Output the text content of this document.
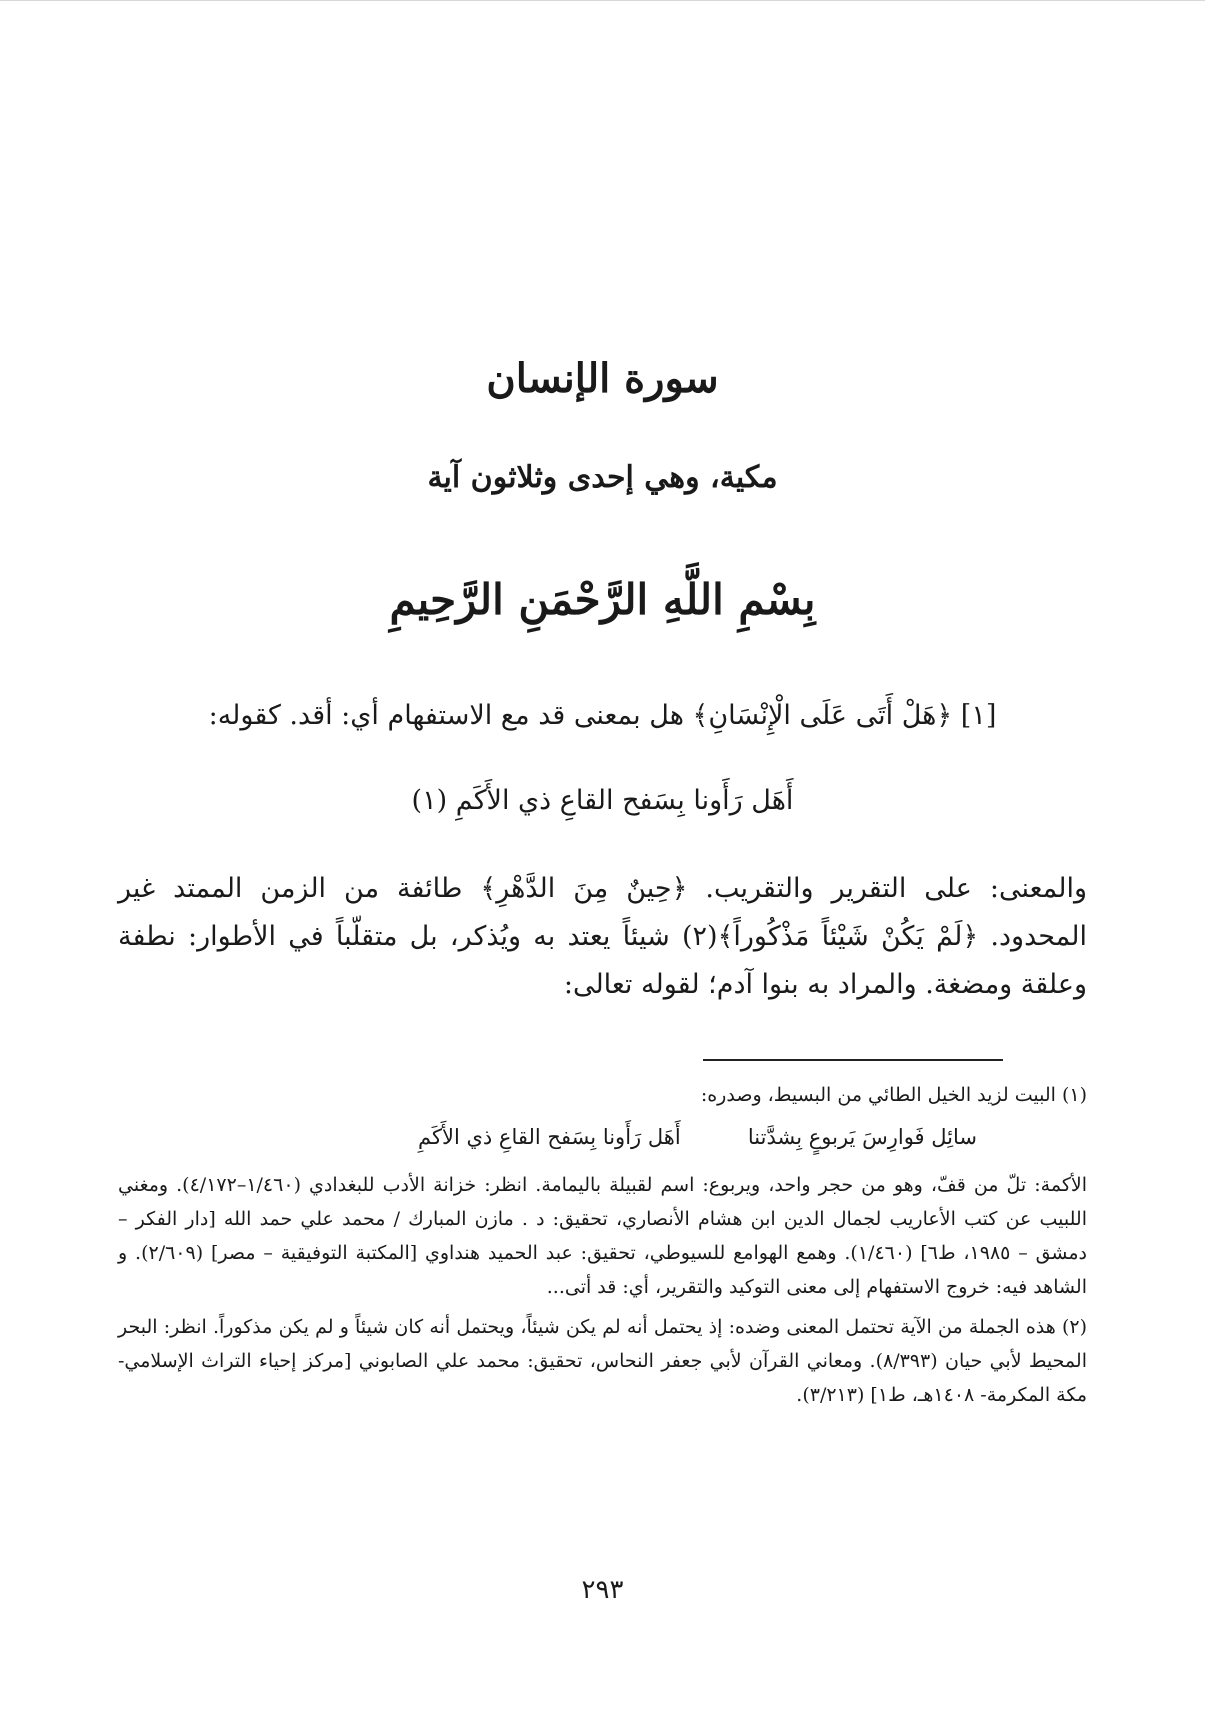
سورة الإنسان
مكية، وهي إحدى وثلاثون آية
بِسْمِ اللَّهِ الرَّحْمَنِ الرَّحِيمِ
[١] ﴿هَلْ أَتَى عَلَى الْإِنْسَانِ﴾ هل بمعنى قد مع الاستفهام أي: أقد. كقوله:
أَهَل رَأَونا بِسَفح القاعِ ذي الأَكَمِ (١)
والمعنى: على التقرير والتقريب. ﴿حِينٌ مِنَ الدَّهْرِ﴾ طائفة من الزمن الممتد غير المحدود. ﴿لَمْ يَكُنْ شَيْئاً مَذْكُوراً﴾(٢) شيئاً يعتد به ويُذكر، بل متقلّباً في الأطوار: نطفة وعلقة ومضغة. والمراد به بنوا آدم؛ لقوله تعالى:

(١) البيت لزيد الخيل الطائي من البسيط، وصدره:

سائِل فَوارِسَ يَربوعٍ بِشدَّتنا
أَهَل رَأَونا بِسَفح القاعِ ذي الأَكَمِ

الأكمة: تلّ من قفّ، وهو من حجر واحد، ويربوع: اسم لقبيلة باليمامة. انظر: خزانة الأدب للبغدادي (١/٤٦٠–٤/١٧٢). ومغني اللبيب عن كتب الأعاريب لجمال الدين ابن هشام الأنصاري، تحقيق: د . مازن المبارك / محمد علي حمد الله [دار الفكر – دمشق – ١٩٨٥، ط٦] (١/٤٦٠). وهمع الهوامع للسيوطي، تحقيق: عبد الحميد هنداوي [المكتبة التوفيقية – مصر] (٢/٦٠٩). و الشاهد فيه: خروج الاستفهام إلى معنى التوكيد والتقرير، أي: قد أتى...

(٢) هذه الجملة من الآية تحتمل المعنى وضده: إذ يحتمل أنه لم يكن شيئاً، ويحتمل أنه كان شيئاً و لم يكن مذكوراً. انظر: البحر المحيط لأبي حيان (٨/٣٩٣). ومعاني القرآن لأبي جعفر النحاس، تحقيق: محمد علي الصابوني [مركز إحياء التراث الإسلامي- مكة المكرمة- ١٤٠٨هـ، ط١] (٣/٢١٣).

٢٩٣
